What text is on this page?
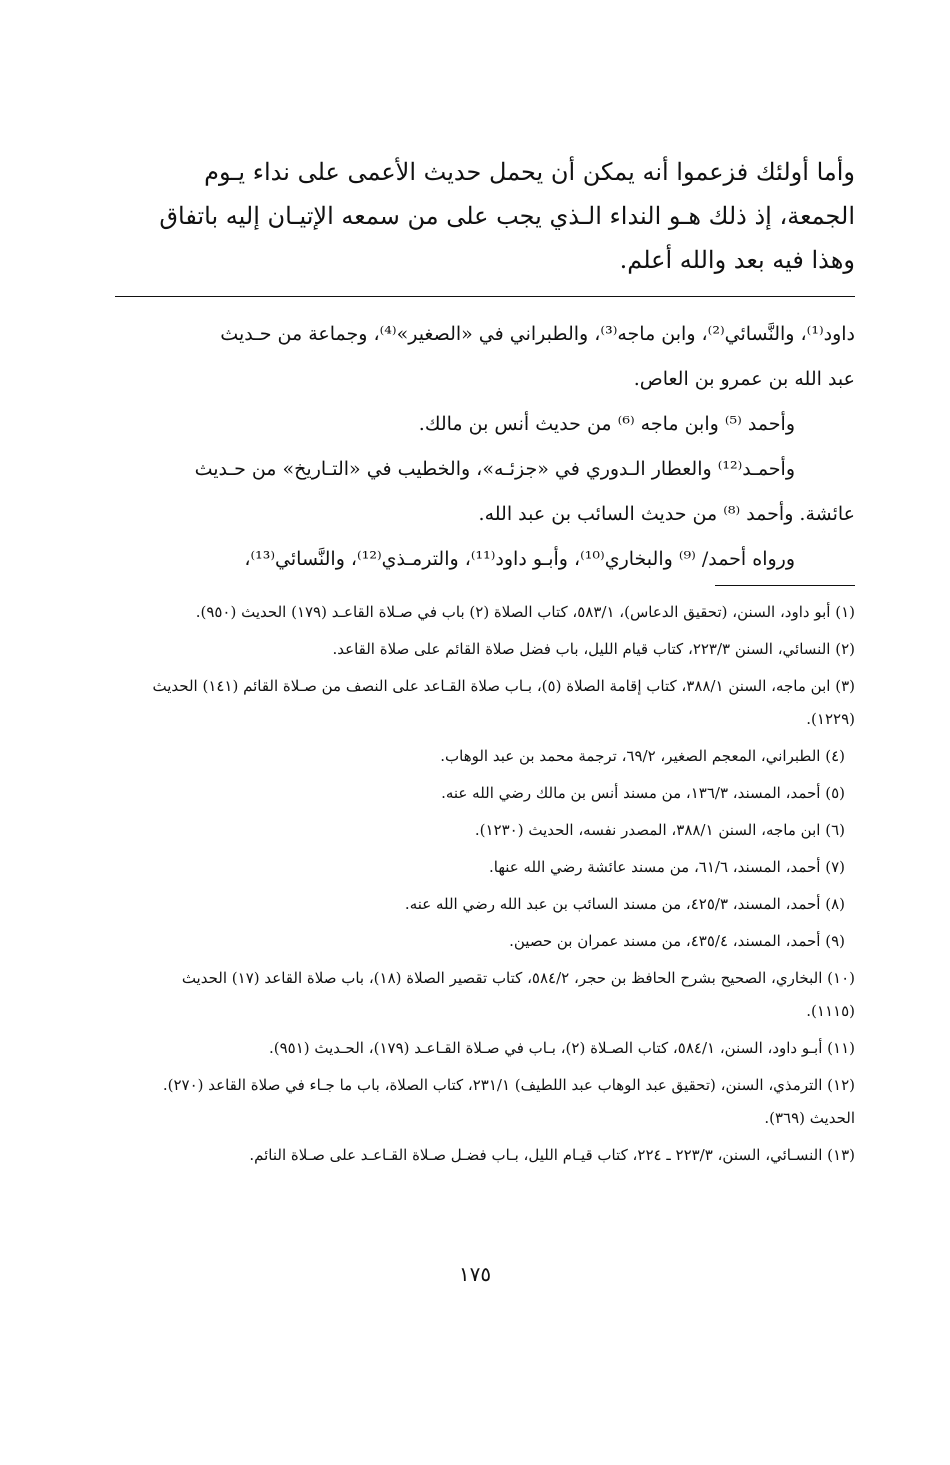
وأما أولئك فزعموا أنه يمكن أن يحمل حديث الأعمى على نداء يـوم

الجمعة، إذ ذلك هـو النداء الـذي يجب على من سمعه الإتيـان إليه باتفاق

وهذا فيه بعد والله أعلم.

داود⁽¹⁾، والنَّسائي⁽²⁾، وابن ماجه⁽³⁾، والطبراني في «الصغير»⁽⁴⁾، وجماعة من حـديث

عبد الله بن عمرو بن العاص.

وأحمد ⁽⁵⁾ وابن ماجه ⁽⁶⁾ من حديث أنس بن مالك.

وأحمـد⁽¹²⁾ والعطار الـدوري في «جزئـه»، والخطيب في «التـاريخ» من حـديث

عائشة. وأحمد ⁽⁸⁾ من حديث السائب بن عبد الله.

ورواه أحمد/ ⁽⁹⁾ والبخاري⁽¹⁰⁾، وأبـو داود⁽¹¹⁾، والترمـذي⁽¹²⁾، والنَّسائي⁽¹³⁾،

(١) أبو داود، السنن، (تحقيق الدعاس)، ٥٨٣/١، كتاب الصلاة (٢) باب في صـلاة القاعـد (١٧٩) الحديث (٩٥٠).

(٢) النسائي، السنن ٢٢٣/٣، كتاب قيام الليل، باب فضل صلاة القائم على صلاة القاعد.

(٣) ابن ماجه، السنن ٣٨٨/١، كتاب إقامة الصلاة (٥)، بـاب صلاة القـاعد على النصف من صـلاة القائم (١٤١) الحديث (١٢٢٩).

(٤) الطبراني، المعجم الصغير، ٦٩/٢، ترجمة محمد بن عبد الوهاب.

(٥) أحمد، المسند، ١٣٦/٣، من مسند أنس بن مالك رضي الله عنه.

(٦) ابن ماجه، السنن ٣٨٨/١، المصدر نفسه، الحديث (١٢٣٠).

(٧) أحمد، المسند، ٦١/٦، من مسند عائشة رضي الله عنها.

(٨) أحمد، المسند، ٤٢٥/٣، من مسند السائب بن عبد الله رضي الله عنه.

(٩) أحمد، المسند، ٤٣٥/٤، من مسند عمران بن حصين.

(١٠) البخاري، الصحيح بشرح الحافظ بن حجر، ٥٨٤/٢، كتاب تقصير الصلاة (١٨)، باب صلاة القاعد (١٧) الحديث (١١١٥).

(١١) أبـو داود، السنن، ٥٨٤/١، كتاب الصـلاة (٢)، بـاب في صـلاة القـاعـد (١٧٩)، الحـديث (٩٥١).

(١٢) الترمذي، السنن، (تحقيق عبد الوهاب عبد اللطيف) ٢٣١/١، كتاب الصلاة، باب ما جـاء في صلاة القاعد (٢٧٠). الحديث (٣٦٩).

(١٣) النسـائي، السنن، ٢٢٣/٣ ـ ٢٢٤، كتاب قيـام الليل، بـاب فضـل صـلاة القـاعـد على صـلاة النائم.

١٧٥
